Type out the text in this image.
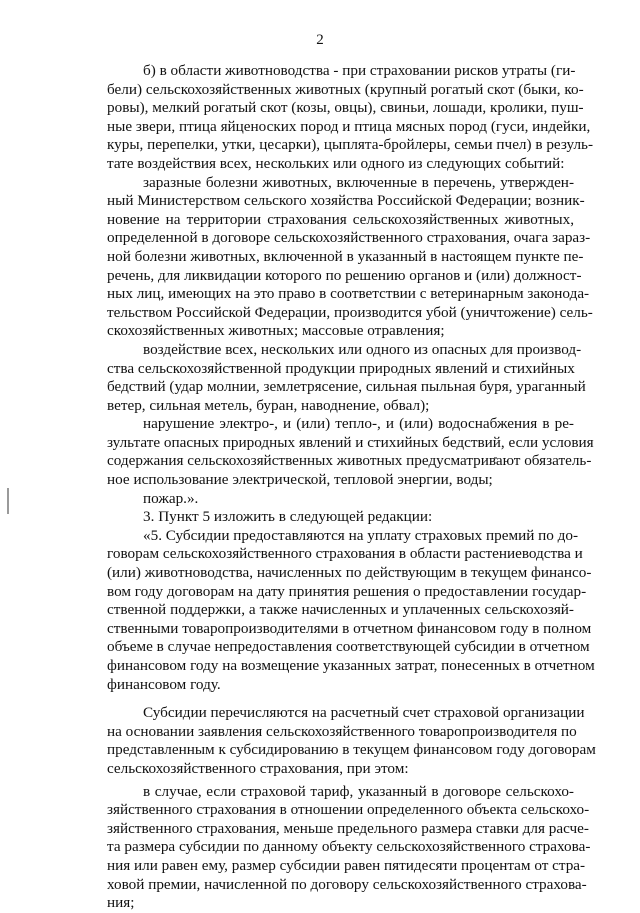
2
б) в области животноводства - при страховании рисков утраты (ги-
бели) сельскохозяйственных животных (крупный рогатый скот (быки, ко-
ровы), мелкий рогатый скот (козы, овцы), свиньи, лошади, кролики, пуш-
ные звери, птица яйценоских пород и птица мясных пород (гуси, индейки,
куры, перепелки, утки, цесарки), цыплята-бройлеры, семьи пчел) в резуль-
тате воздействия всех, нескольких или одного из следующих событий:
заразные болезни животных, включенные в перечень, утвержден-
ный Министерством сельского хозяйства Российской Федерации; возник-
новение на территории страхования сельскохозяйственных животных,
определенной в договоре сельскохозяйственного страхования, очага зараз-
ной болезни животных, включенной в указанный в настоящем пункте пе-
речень, для ликвидации которого по решению органов и (или) должност-
ных лиц, имеющих на это право в соответствии с ветеринарным законода-
тельством Российской Федерации, производится убой (уничтожение) сель-
скохозяйственных животных; массовые отравления;
воздействие всех, нескольких или одного из опасных для производ-
ства сельскохозяйственной продукции природных явлений и стихийных
бедствий (удар молнии, землетрясение, сильная пыльная буря, ураганный
ветер, сильная метель, буран, наводнение, обвал);
нарушение электро-, и (или) тепло-, и (или) водоснабжения в ре-
зультате опасных природных явлений и стихийных бедствий, если условия
содержания сельскохозяйственных животных предусматривают обязатель-
ное использование электрической, тепловой энергии, воды;
пожар.».
3. Пункт 5 изложить в следующей редакции:
«5. Субсидии предоставляются на уплату страховых премий по до-
говорам сельскохозяйственного страхования в области растениеводства и
(или) животноводства, начисленных по действующим в текущем финансо-
вом году договорам на дату принятия решения о предоставлении государ-
ственной поддержки, а также начисленных и уплаченных сельскохозяй-
ственными товаропроизводителями в отчетном финансовом году в полном
объеме в случае непредоставления соответствующей субсидии в отчетном
финансовом году на возмещение указанных затрат, понесенных в отчетном
финансовом году.
Субсидии перечисляются на расчетный счет страховой организации
на основании заявления сельскохозяйственного товаропроизводителя по
представленным к субсидированию в текущем финансовом году договорам
сельскохозяйственного страхования, при этом:
в случае, если страховой тариф, указанный в договоре сельскохо-
зяйственного страхования в отношении определенного объекта сельскохо-
зяйственного страхования, меньше предельного размера ставки для расче-
та размера субсидии по данному объекту сельскохозяйственного страхова-
ния или равен ему, размер субсидии равен пятидесяти процентам от стра-
ховой премии, начисленной по договору сельскохозяйственного страхова-
ния;
